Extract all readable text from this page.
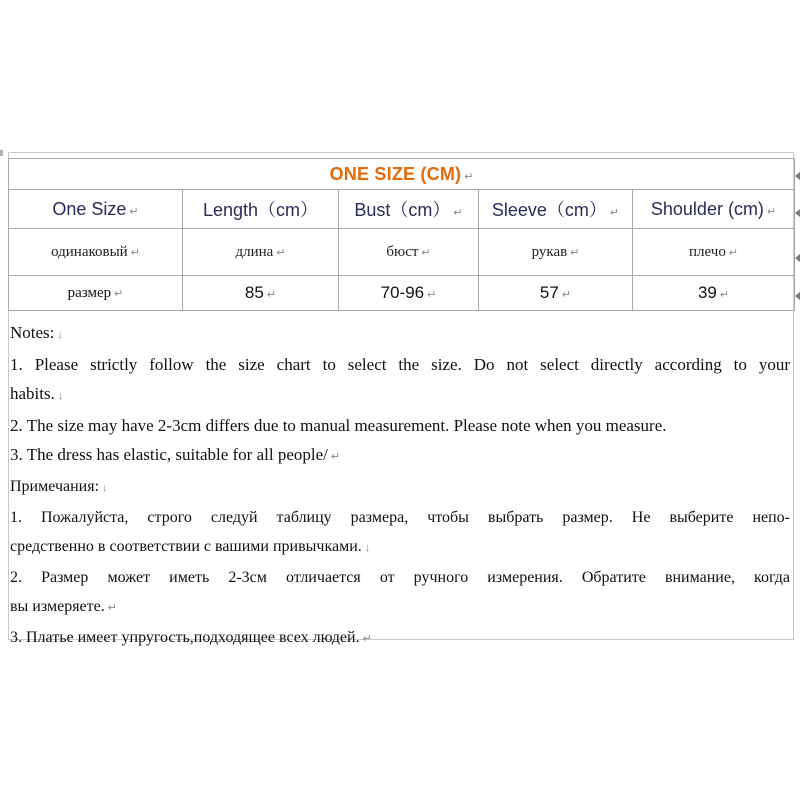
ONE SIZE (CM) ↵				
One Size ↵	Length（cm）	Bust（cm） ↵	Sleeve（cm） ↵	Shoulder (cm) ↵
одинаковый ↵	длина ↵	бюст ↵	рукав ↵	плечо ↵
размер ↵	85 ↵	70-96 ↵	57 ↵	39 ↵
Notes: ↓
1. Please strictly follow the size chart to select the size. Do not select directly according to your
habits. ↓
2. The size may have 2-3cm differs due to manual measurement. Please note when you measure.
3. The dress has elastic, suitable for all people/ ↵
Примечания: ↓
1. Пожалуйста, строго следуй таблицу размера, чтобы выбрать размер. Не выберите непо-
средственно в соответствии с вашими привычками. ↓
2. Размер может иметь 2-3см отличается от ручного измерения. Обратите внимание, когда
вы измеряете. ↵
3. Платье имеет упругость,подходящее всех людей. ↵
